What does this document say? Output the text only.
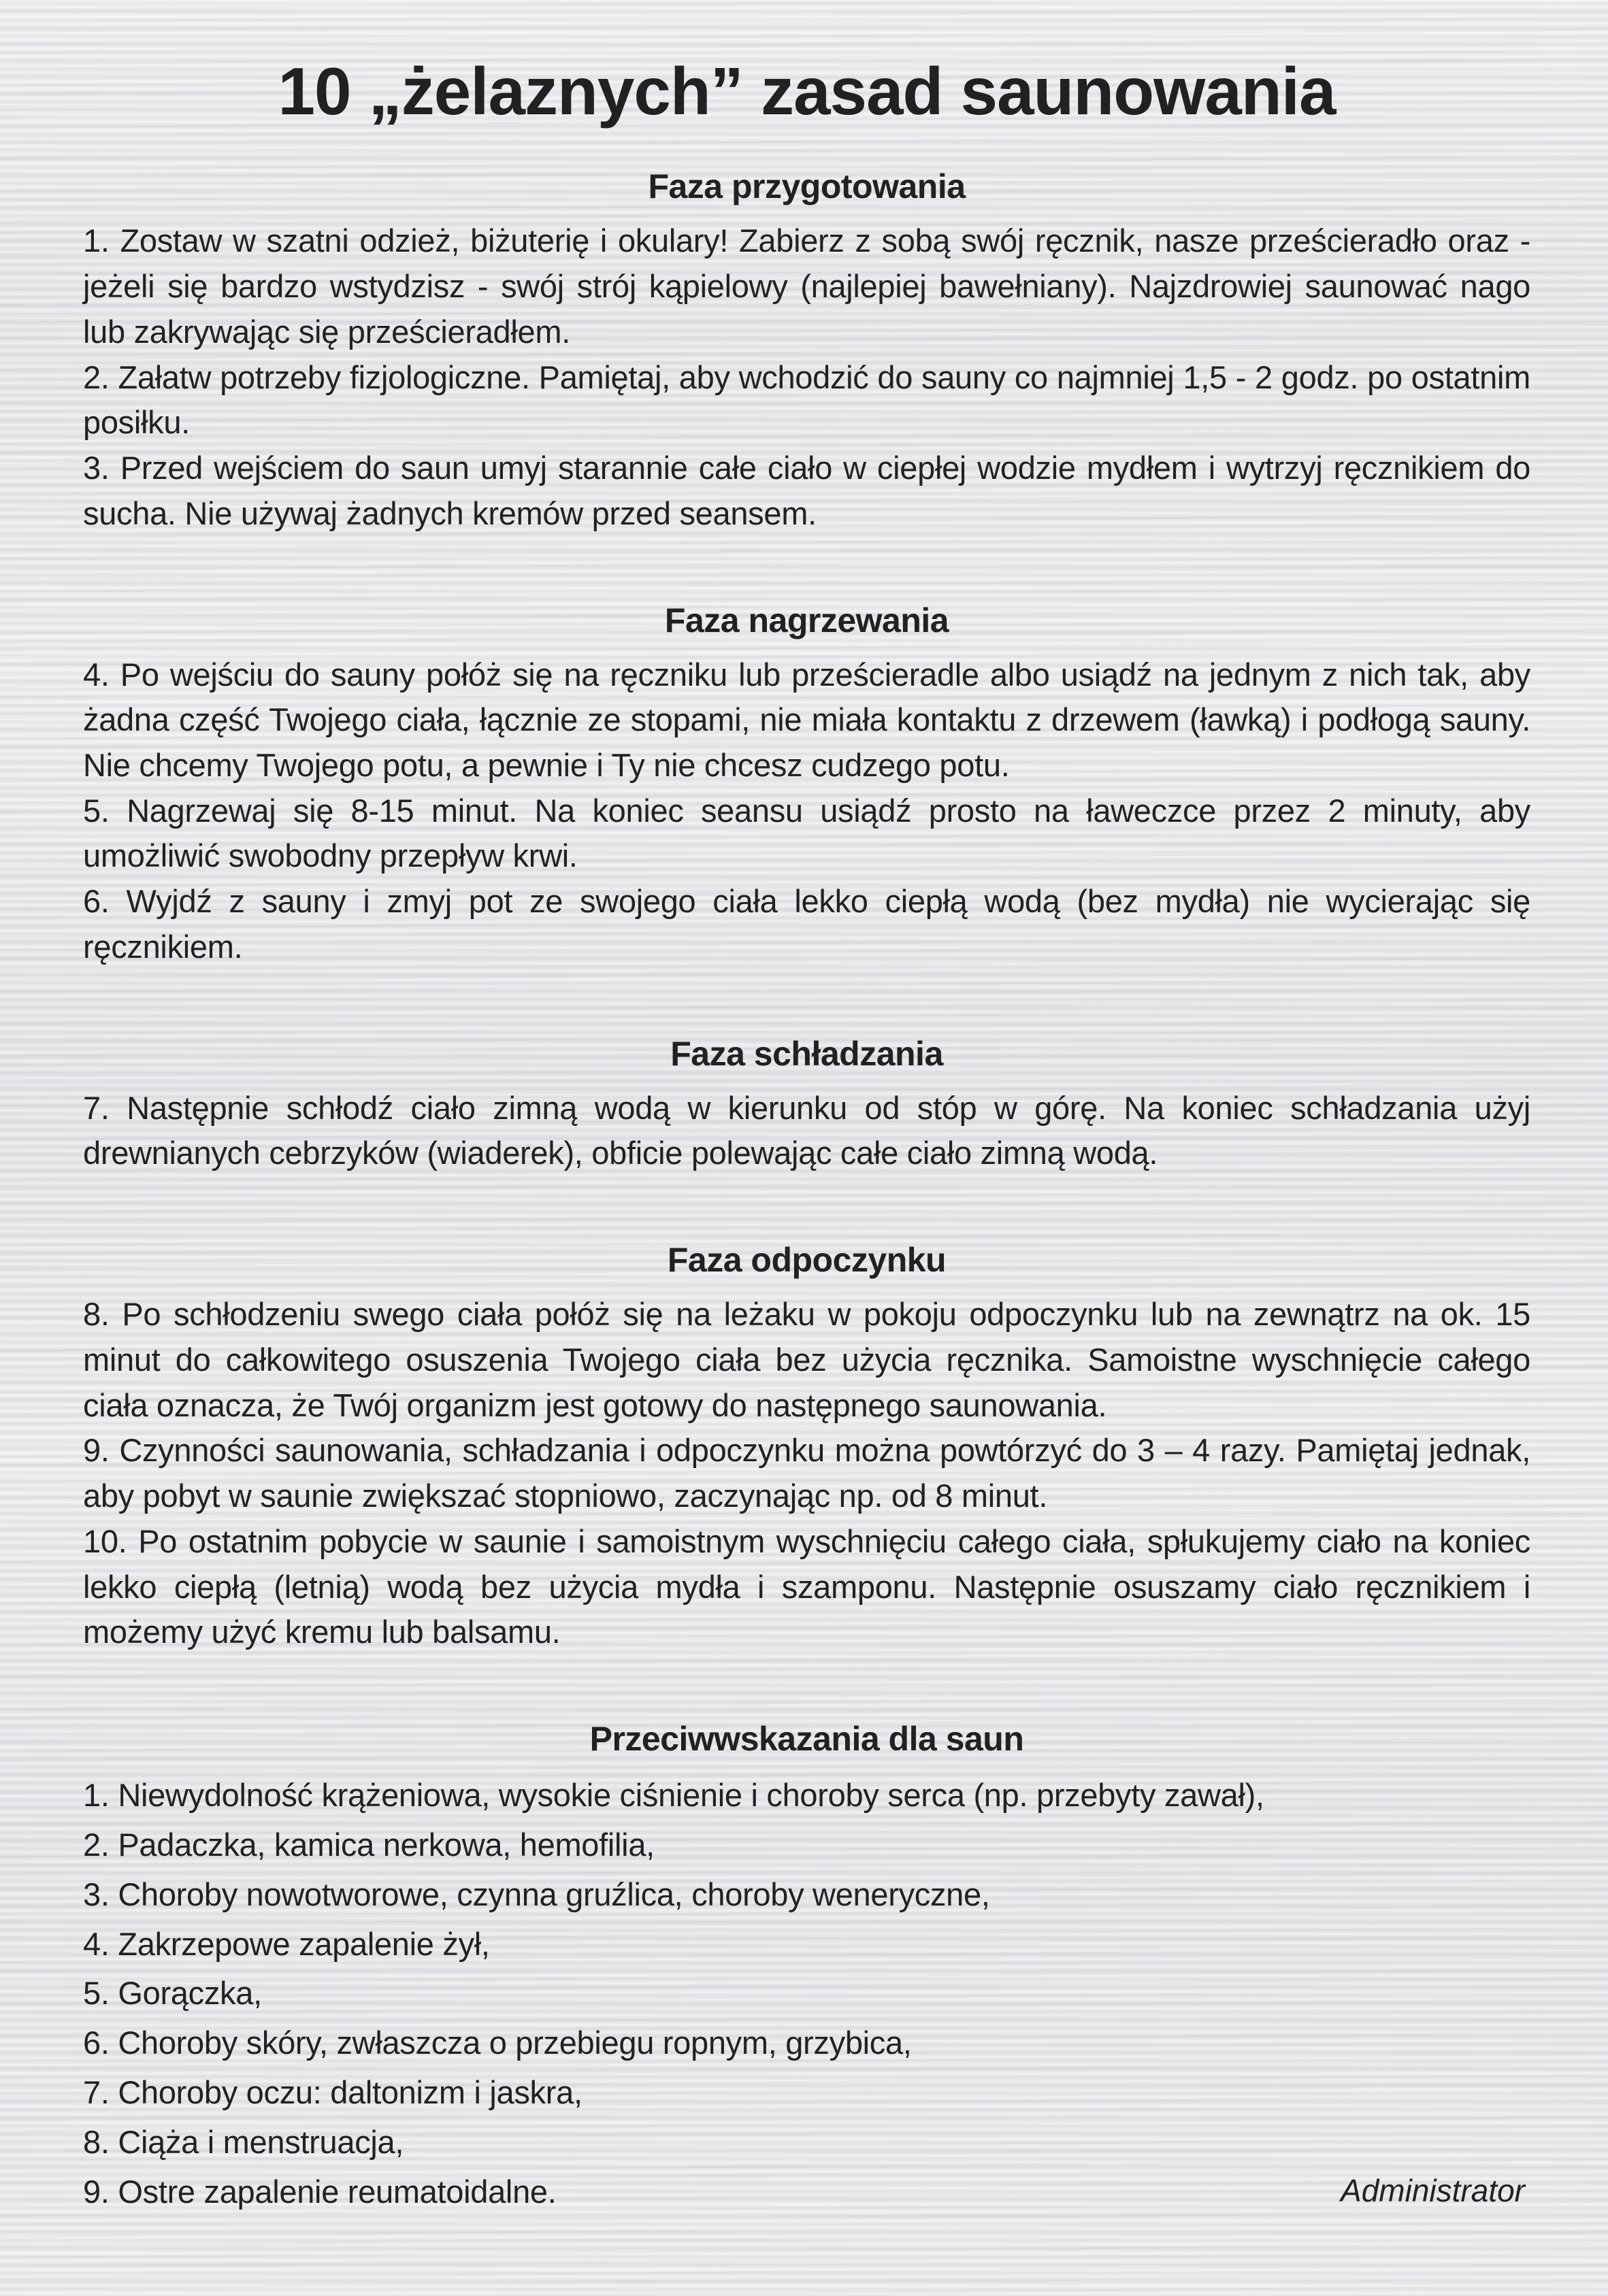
10 „żelaznych” zasad saunowania
Faza przygotowania

1. Zostaw w szatni odzież, biżuterię i okulary! Zabierz z sobą swój ręcznik, nasze prześcieradło oraz - jeżeli się bardzo wstydzisz - swój strój kąpielowy (najlepiej bawełniany). Najzdrowiej saunować nago lub zakrywając się prześcieradłem.

2. Załatw potrzeby fizjologiczne. Pamiętaj, aby wchodzić do sauny co najmniej 1,5 - 2 godz. po ostatnim posiłku.

3. Przed wejściem do saun umyj starannie całe ciało w ciepłej wodzie mydłem i wytrzyj ręcznikiem do sucha. Nie używaj żadnych kremów przed seansem.

Faza nagrzewania

4. Po wejściu do sauny połóż się na ręczniku lub prześcieradle albo usiądź na jednym z nich tak, aby żadna część Twojego ciała, łącznie ze stopami, nie miała kontaktu z drzewem (ławką) i podłogą sauny. Nie chcemy Twojego potu, a pewnie i Ty nie chcesz cudzego potu.

5. Nagrzewaj się 8-15 minut. Na koniec seansu usiądź prosto na ławeczce przez 2 minuty, aby umożliwić swobodny przepływ krwi.

6. Wyjdź z sauny i zmyj pot ze swojego ciała lekko ciepłą wodą (bez mydła) nie wycierając się ręcznikiem.

Faza schładzania

7. Następnie schłodź ciało zimną wodą w kierunku od stóp w górę. Na koniec schładzania użyj drewnianych cebrzyków (wiaderek), obficie polewając całe ciało zimną wodą.

Faza odpoczynku

8. Po schłodzeniu swego ciała połóż się na leżaku w pokoju odpoczynku lub na zewnątrz na ok. 15 minut do całkowitego osuszenia Twojego ciała bez użycia ręcznika. Samoistne wyschnięcie całego ciała oznacza, że Twój organizm jest gotowy do następnego saunowania.

9. Czynności saunowania, schładzania i odpoczynku można powtórzyć do 3 – 4 razy. Pamiętaj jednak, aby pobyt w saunie zwiększać stopniowo, zaczynając np. od 8 minut.

10. Po ostatnim pobycie w saunie i samoistnym wyschnięciu całego ciała, spłukujemy ciało na koniec lekko ciepłą (letnią) wodą bez użycia mydła i szamponu. Następnie osuszamy ciało ręcznikiem i możemy użyć kremu lub balsamu.

Przeciwwskazania dla saun

1. Niewydolność krążeniowa, wysokie ciśnienie i choroby serca (np. przebyty zawał),

2. Padaczka, kamica nerkowa, hemofilia,

3. Choroby nowotworowe, czynna gruźlica, choroby weneryczne,

4. Zakrzepowe zapalenie żył,

5. Gorączka,

6. Choroby skóry, zwłaszcza o przebiegu ropnym, grzybica,

7. Choroby oczu: daltonizm i jaskra,

8. Ciąża i menstruacja,

9. Ostre zapalenie reumatoidalne.	Administrator
